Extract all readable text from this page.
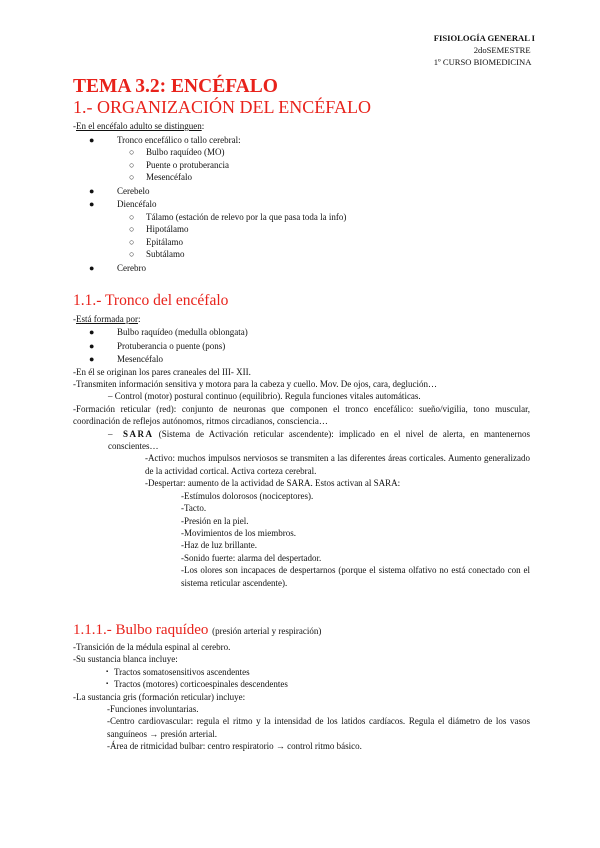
FISIOLOGÍA GENERAL I
2doSEMESTRE
1º CURSO BIOMEDICINA
TEMA 3.2: ENCÉFALO
1.- ORGANIZACIÓN DEL ENCÉFALO

-En el encéfalo adulto se distinguen:

●	Tronco encefálico o tallo cerebral:
○	Bulbo raquídeo (MO)
○	Puente o protuberancia
○	Mesencéfalo
●	Cerebelo
●	Diencéfalo
○	Tálamo (estación de relevo por la que pasa toda la info)
○	Hipotálamo
○	Epitálamo
○	Subtálamo
●	Cerebro
1.1.- Tronco del encéfalo

-Está formada por:

●	Bulbo raquídeo (medulla oblongata)
●	Protuberancia o puente (pons)
●	Mesencéfalo

-En él se originan los pares craneales del III- XII.

-Transmiten información sensitiva y motora para la cabeza y cuello. Mov. De ojos, cara, deglución…

– Control (motor) postural continuo (equilibrio). Regula funciones vitales automáticas.

-Formación reticular (red): conjunto de neuronas que componen el tronco encefálico: sueño/vigilia, tono muscular, coordinación de reflejos autónomos, ritmos circadianos, consciencia…

– SARA (Sistema de Activación reticular ascendente): implicado en el nivel de alerta, en mantenernos conscientes…

-Activo: muchos impulsos nerviosos se transmiten a las diferentes áreas corticales. Aumento generalizado de la actividad cortical. Activa corteza cerebral.

-Despertar: aumento de la actividad de SARA. Estos activan al SARA:

-Estímulos dolorosos (nociceptores).

-Tacto.

-Presión en la piel.

-Movimientos de los miembros.

-Haz de luz brillante.

-Sonido fuerte: alarma del despertador.

-Los olores son incapaces de despertarnos (porque el sistema olfativo no está conectado con el sistema reticular ascendente).

1.1.1.- Bulbo raquídeo (presión arterial y respiración)

-Transición de la médula espinal al cerebro.

-Su sustancia blanca incluye:

▪ Tractos somatosensitivos ascendentes
▪ Tractos (motores) corticoespinales descendentes

-La sustancia gris (formación reticular) incluye:

-Funciones involuntarias.

-Centro cardiovascular: regula el ritmo y la intensidad de los latidos cardíacos. Regula el diámetro de los vasos sanguíneos → presión arterial.

-Área de ritmicidad bulbar: centro respiratorio → control ritmo básico.
